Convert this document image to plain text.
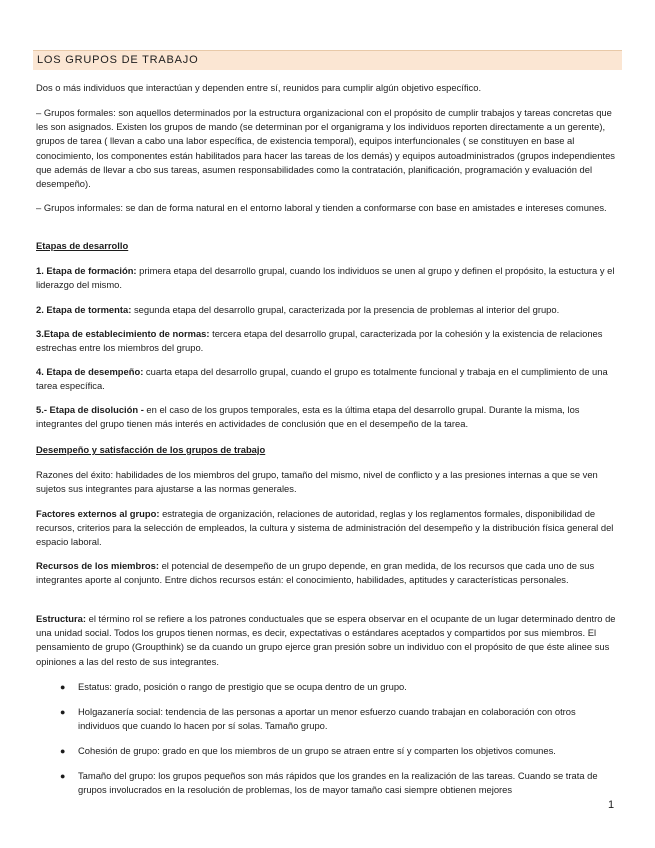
LOS GRUPOS DE TRABAJO

Dos o más individuos que interactúan y dependen entre sí, reunidos para cumplir algún objetivo específico.

– Grupos formales: son aquellos determinados por la estructura organizacional con el propósito de cumplir trabajos y tareas concretas que les son asignados. Existen los grupos de mando (se determinan por el organigrama y los individuos reporten directamente a un gerente), grupos de tarea ( llevan a cabo una labor específica, de existencia temporal), equipos interfuncionales ( se constituyen en base al conocimiento, los componentes están habilitados para hacer las tareas de los demás) y equipos autoadministrados (grupos independientes que además de llevar a cbo sus tareas, asumen responsabilidades como la contratación, planificación, programación y evaluación del desempeño).

– Grupos informales: se dan de forma natural en el entorno laboral y tienden a conformarse con base en amistades e intereses comunes.

Etapas de desarrollo

1. Etapa de formación: primera etapa del desarrollo grupal, cuando los individuos se unen al grupo y definen el propósito, la estuctura y el liderazgo del mismo.

2. Etapa de tormenta: segunda etapa del desarrollo grupal, caracterizada por la presencia de problemas al interior del grupo.

3.Etapa de establecimiento de normas: tercera etapa del desarrollo grupal, caracterizada por la cohesión y la existencia de relaciones estrechas entre los miembros del grupo.

4. Etapa de desempeño: cuarta etapa del desarrollo grupal, cuando el grupo es totalmente funcional y trabaja en el cumplimiento de una tarea específica.

5.- Etapa de disolución - en el caso de los grupos temporales, esta es la última etapa del desarrollo grupal. Durante la misma, los integrantes del grupo tienen más interés en actividades de conclusión que en el desempeño de la tarea.

Desempeño y satisfacción de los grupos de trabajo

Razones del éxito: habilidades de los miembros del grupo, tamaño del mismo, nivel de conflicto y a las presiones internas a que se ven sujetos sus integrantes para ajustarse a las normas generales.

Factores externos al grupo: estrategia de organización, relaciones de autoridad, reglas y los reglamentos formales, disponibilidad de recursos, criterios para la selección de empleados, la cultura y sistema de administración del desempeño y la distribución física general del espacio laboral.

Recursos de los miembros: el potencial de desempeño de un grupo depende, en gran medida, de los recursos que cada uno de sus integrantes aporte al conjunto. Entre dichos recursos están: el conocimiento, habilidades, aptitudes y características personales.

Estructura: el término rol se refiere a los patrones conductuales que se espera observar en el ocupante de un lugar determinado dentro de una unidad social. Todos los grupos tienen normas, es decir, expectativas o estándares aceptados y compartidos por sus miembros. El pensamiento de grupo (Groupthink) se da cuando un grupo ejerce gran presión sobre un individuo con el propósito de que éste alinee sus opiniones a las del resto de sus integrantes.

● Estatus: grado, posición o rango de prestigio que se ocupa dentro de un grupo.
● Holgazanería social: tendencia de las personas a aportar un menor esfuerzo cuando trabajan en colaboración con otros individuos que cuando lo hacen por sí solas. Tamaño grupo.
● Cohesión de grupo: grado en que los miembros de un grupo se atraen entre sí y comparten los objetivos comunes.
● Tamaño del grupo: los grupos pequeños son más rápidos que los grandes en la realización de las tareas. Cuando se trata de grupos involucrados en la resolución de problemas, los de mayor tamaño casi siempre obtienen mejores
1
